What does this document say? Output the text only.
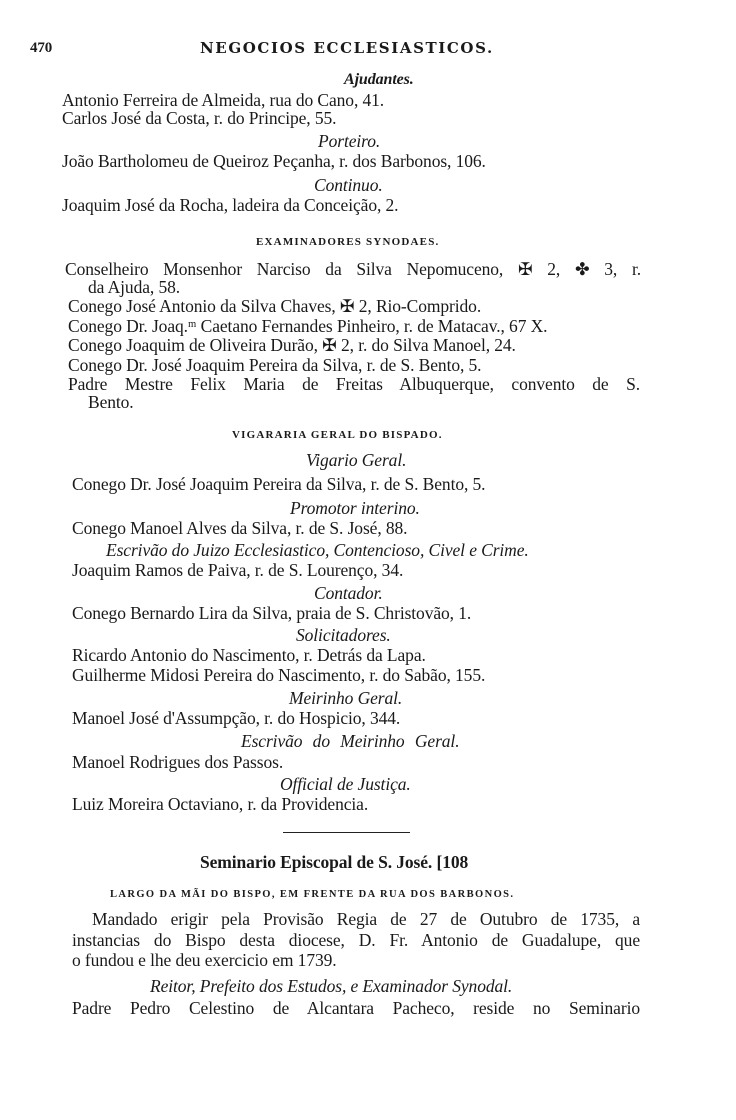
470	NEGOCIOS ECCLESIASTICOS.
Ajudantes.
Antonio Ferreira de Almeida, rua do Cano, 41.
Carlos José da Costa, r. do Principe, 55.
Porteiro.
João Bartholomeu de Queiroz Peçanha, r. dos Barbonos, 106.
Continuo.
Joaquim José da Rocha, ladeira da Conceição, 2.
EXAMINADORES SYNODAES.
Conselheiro Monsenhor Narciso da Silva Nepomuceno, ✠ 2, ✤ 3, r.
da Ajuda, 58.
Conego José Antonio da Silva Chaves, ✠ 2, Rio-Comprido.
Conego Dr. Joaq.ᵐ Caetano Fernandes Pinheiro, r. de Matacav., 67 X.
Conego Joaquim de Oliveira Durão, ✠ 2, r. do Silva Manoel, 24.
Conego Dr. José Joaquim Pereira da Silva, r. de S. Bento, 5.
Padre Mestre Felix Maria de Freitas Albuquerque, convento de S.
Bento.
VIGARARIA GERAL DO BISPADO.
Vigario Geral.
Conego Dr. José Joaquim Pereira da Silva, r. de S. Bento, 5.
Promotor interino.
Conego Manoel Alves da Silva, r. de S. José, 88.
Escrivão do Juizo Ecclesiastico, Contencioso, Civel e Crime.
Joaquim Ramos de Paiva, r. de S. Lourenço, 34.
Contador.
Conego Bernardo Lira da Silva, praia de S. Christovão, 1.
Solicitadores.
Ricardo Antonio do Nascimento, r. Detrás da Lapa.
Guilherme Midosi Pereira do Nascimento, r. do Sabão, 155.
Meirinho Geral.
Manoel José d'Assumpção, r. do Hospicio, 344.
Escrivão do Meirinho Geral.
Manoel Rodrigues dos Passos.
Official de Justiça.
Luiz Moreira Octaviano, r. da Providencia.
Seminario Episcopal de S. José. [108
LARGO DA MÃI DO BISPO, EM FRENTE DA RUA DOS BARBONOS.
Mandado erigir pela Provisão Regia de 27 de Outubro de 1735, a
instancias do Bispo desta diocese, D. Fr. Antonio de Guadalupe, que
o fundou e lhe deu exercicio em 1739.
Reitor, Prefeito dos Estudos, e Examinador Synodal.
Padre Pedro Celestino de Alcantara Pacheco, reside no Seminario
